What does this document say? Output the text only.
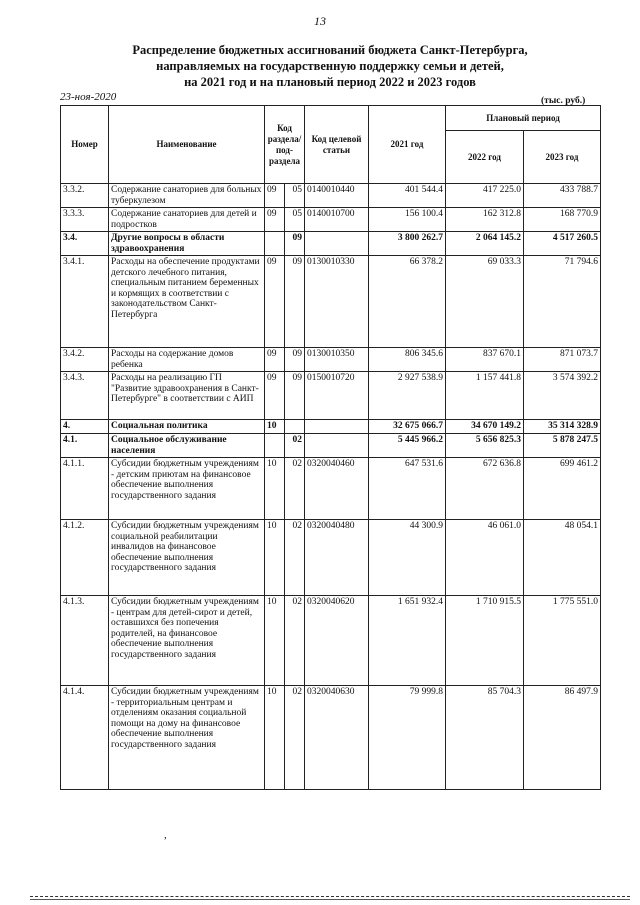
13
Распределение бюджетных ассигнований бюджета Санкт-Петербурга,
направляемых на государственную поддержку семьи и детей,
на 2021 год и на плановый период 2022 и 2023 годов
23-ноя-2020	(тыс. руб.)
Номер	Наименование	Код раздела/ под-раздела		Код целевой статьи	2021 год	Плановый период	
						2022 год	2023 год
3.3.2.	Содержание санаториев для больных туберкулезом	09	05	0140010440	401 544.4	417 225.0	433 788.7
3.3.3.	Содержание санаториев для детей и подростков	09	05	0140010700	156 100.4	162 312.8	168 770.9
3.4.	Другие вопросы в области здравоохранения		09		3 800 262.7	2 064 145.2	4 517 260.5
3.4.1.	Расходы на обеспечение продуктами детского лечебного питания, специальным питанием беременных и кормящих в соответствии с законодательством Санкт-Петербурга	09	09	0130010330	66 378.2	69 033.3	71 794.6
3.4.2.	Расходы на содержание домов ребенка	09	09	0130010350	806 345.6	837 670.1	871 073.7
3.4.3.	Расходы на реализацию ГП "Развитие здравоохранения в Санкт-Петербурге" в соответствии с АИП	09	09	0150010720	2 927 538.9	1 157 441.8	3 574 392.2
4.	Социальная политика	10			32 675 066.7	34 670 149.2	35 314 328.9
4.1.	Социальное обслуживание населения		02		5 445 966.2	5 656 825.3	5 878 247.5
4.1.1.	Субсидии бюджетным учреждениям - детским приютам на финансовое обеспечение выполнения государственного задания	10	02	0320040460	647 531.6	672 636.8	699 461.2
4.1.2.	Субсидии бюджетным учреждениям социальной реабилитации инвалидов на финансовое обеспечение выполнения государственного задания	10	02	0320040480	44 300.9	46 061.0	48 054.1
4.1.3.	Субсидии бюджетным учреждениям - центрам для детей-сирот и детей, оставшихся без попечения родителей, на финансовое обеспечение выполнения государственного задания	10	02	0320040620	1 651 932.4	1 710 915.5	1 775 551.0
4.1.4.	Субсидии бюджетным учреждениям - территориальным центрам и отделениям оказания социальной помощи на дому на финансовое обеспечение выполнения государственного задания	10	02	0320040630	79 999.8	85 704.3	86 497.9
,
